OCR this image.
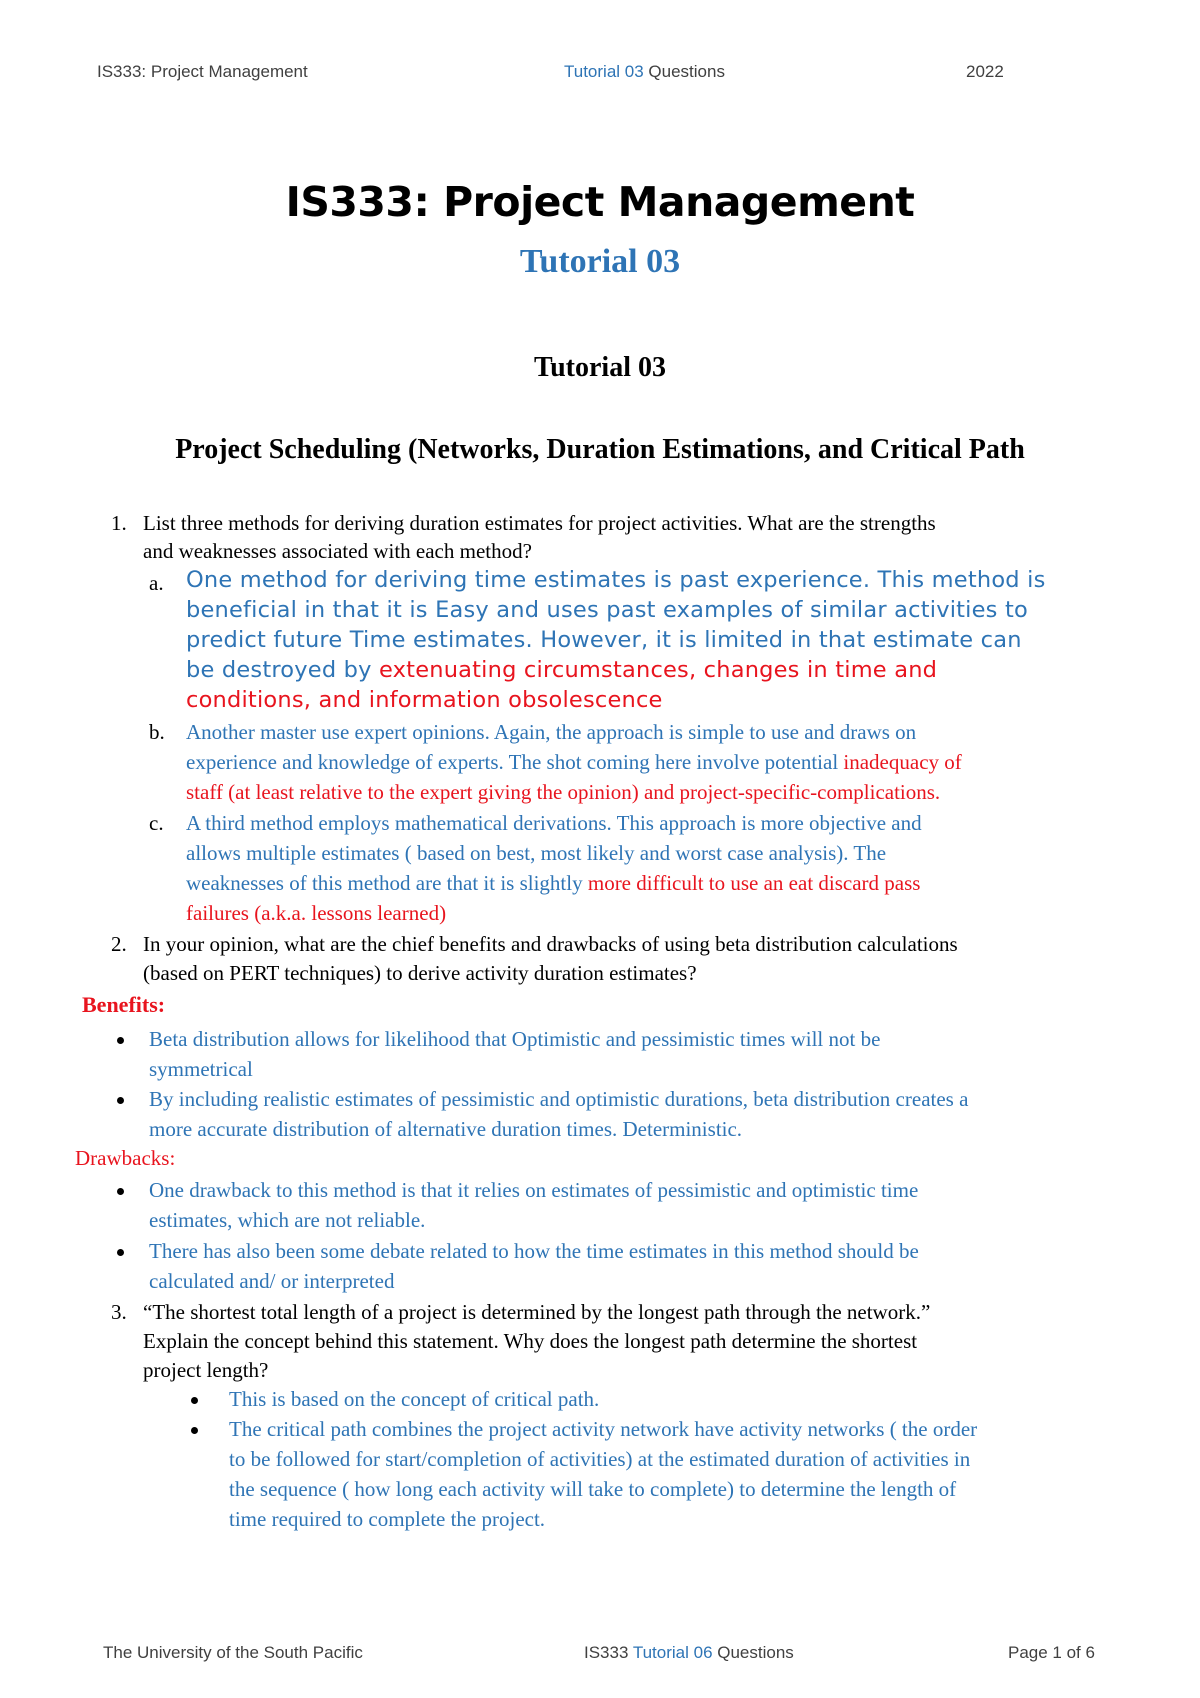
IS333: Project Management	Tutorial 03 Questions	2022
IS333: Project Management
Tutorial 03
Tutorial 03
Project Scheduling (Networks, Duration Estimations, and Critical Path
1. List three methods for deriving duration estimates for project activities. What are the strengths
and weaknesses associated with each method?
a. One method for deriving time estimates is past experience. This method is
beneficial in that it is Easy and uses past examples of similar activities to
predict future Time estimates. However, it is limited in that estimate can
be destroyed by extenuating circumstances, changes in time and
conditions, and information obsolescence
b. Another master use expert opinions. Again, the approach is simple to use and draws on
experience and knowledge of experts. The shot coming here involve potential inadequacy of
staff (at least relative to the expert giving the opinion) and project-specific-complications.
c. A third method employs mathematical derivations. This approach is more objective and
allows multiple estimates ( based on best, most likely and worst case analysis). The
weaknesses of this method are that it is slightly more difficult to use an eat discard pass
failures (a.k.a. lessons learned)
2. In your opinion, what are the chief benefits and drawbacks of using beta distribution calculations
(based on PERT techniques) to derive activity duration estimates?
Benefits:
Beta distribution allows for likelihood that Optimistic and pessimistic times will not be
symmetrical
By including realistic estimates of pessimistic and optimistic durations, beta distribution creates a
more accurate distribution of alternative duration times. Deterministic.
Drawbacks:
One drawback to this method is that it relies on estimates of pessimistic and optimistic time
estimates, which are not reliable.
There has also been some debate related to how the time estimates in this method should be
calculated and/ or interpreted
3. “The shortest total length of a project is determined by the longest path through the network.”
Explain the concept behind this statement. Why does the longest path determine the shortest
project length?
This is based on the concept of critical path.
The critical path combines the project activity network have activity networks ( the order
to be followed for start/completion of activities) at the estimated duration of activities in
the sequence ( how long each activity will take to complete) to determine the length of
time required to complete the project.
The University of the South Pacific	IS333 Tutorial 06 Questions	Page 1 of 6
